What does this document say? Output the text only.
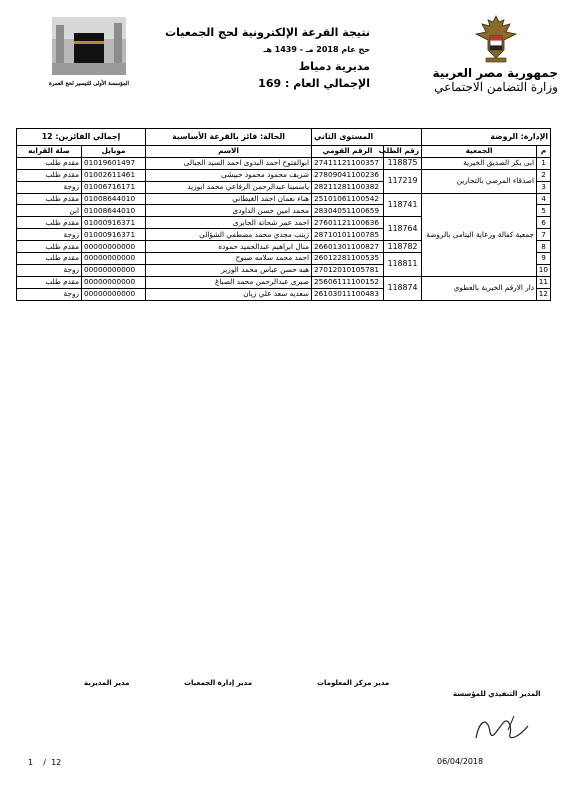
جمهورية مصر العربية
وزارة التضامن الاجتماعي
نتيجة القرعة الإلكترونية لحج الجمعيات
حج عام 2018 مـ - 1439 هـ
مديرية دمياط
الإجمالي العام : 169
المؤسسة الأولى للتيسير لحج العمرة
الإدارة: الروضة		المستوى الثاني		الحالة: فائز بالقرعة الأساسية	إجمالي الفائزين: 12	
م	الجمعية	رقم الطلب	الرقم القومي	الاسم	موبايل	صلة القرابه
1	ابى بكر الصديق الخيرية	118875	27411121100357	ابوالفتوح احمد البدوى احمد السيد الجبالى	01019601497	مقدم طلب
2	اصدقاء المرضي بالتجارين	117219	27809041100236	شريف محمود محمود حبيشى	01002611461	مقدم طلب
3			28211281100382	ياسمينا عبدالرحمن الرفاعي محمد ابوزيد	01006716171	زوجة
4	جمعية كفالة ورعاية اليتامى بالروضة	118741	25101061100542	هناء نعمان احمد الغيطاني	01008644010	مقدم طلب
5			28304051100659	محمد امين حسن الداودى	01008644010	ابن
6		118764	27601121100636	احمد عمر شحاته الجابرى	01000916371	مقدم طلب
7			28710101100785	زينب مجدي محمد مصطفي الشؤالى	01000916371	زوجة
8		118782	26601301100827	منال ابراهيم عبدالحميد حموده	00000000000	مقدم طلب
9		118811	26012281100535	احمد محمد سلامه صبوح	00000000000	مقدم طلب
10			27012010105781	هبه حسن عباس محمد الوزير	00000000000	زوجة
11	دار الارقم الخيرية بالعطوي	118874	25606111100152	صبرى عبدالرحمن محمد الصباغ	00000000000	مقدم طلب
12			26103011100483	سعديه سعد علي زيان	00000000000	زوجة
مدير المديرية	مدير إدارة الجمعيات	مدير مركز المعلومات
المدير التنفيذي للمؤسسة
1 / 12	06/04/2018
